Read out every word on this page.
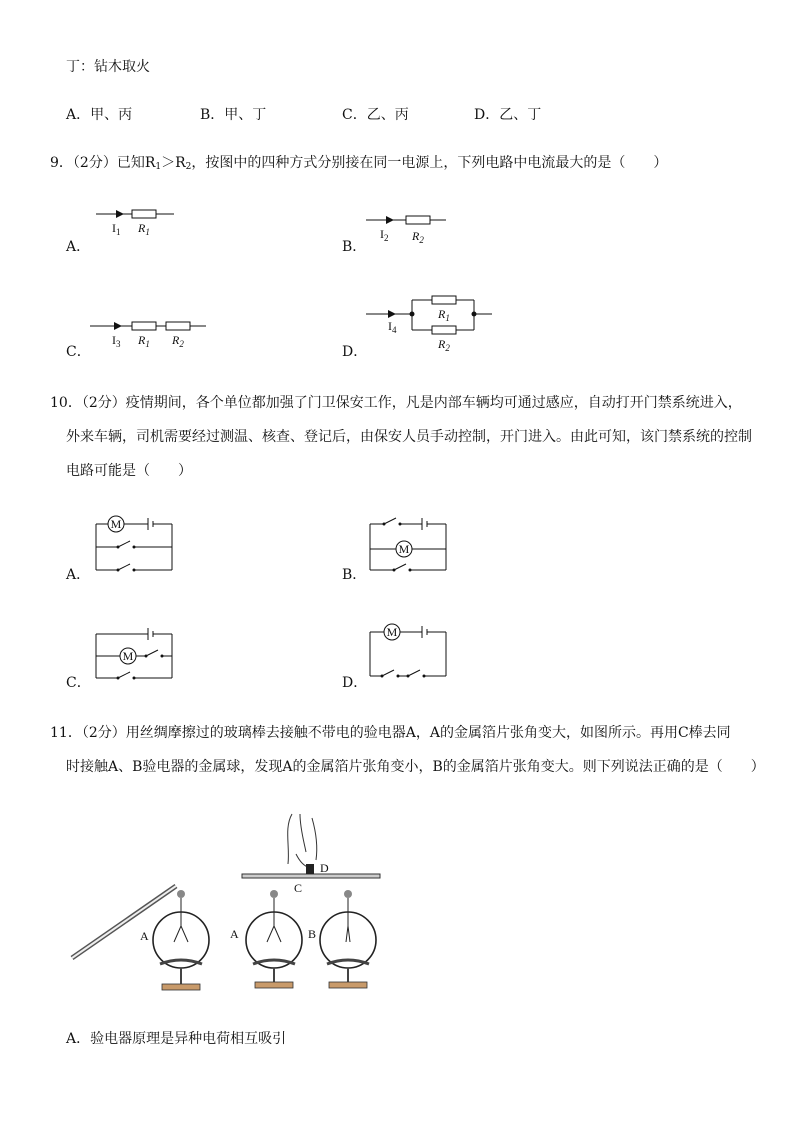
丁：钻木取火
A．甲、丙	B．甲、丁	C．乙、丙	D．乙、丁
9．（2分）已知$R_1>R_2$，按图中的四种方式分别接在同一电源上，下列电路中电流最大的是（　　）
A．	B．
C．	D．
$I_1$ $R_1$	$I_2$ $R_2$
$I_3$ $R_1$ $R_2$
$I_4$
$R_1$
$R_2$
10．（2分）疫情期间，各个单位都加强了门卫保安工作，凡是内部车辆均可通过感应，自动打开门禁系统进入，
外来车辆，司机需要经过测温、核查、登记后，由保安人员手动控制，开门进入。由此可知，该门禁系统的控制
电路可能是（　　）
A．	B．
C．	D．
M
M
M
M
11．（2分）用丝绸摩擦过的玻璃棒去接触不带电的验电器A，A的金属箔片张角变大，如图所示。再用C棒去同
时接触A、B验电器的金属球，发现A的金属箔片张角变小，B的金属箔片张角变大。则下列说法正确的是（　　）
D
C
A	A	B
A．验电器原理是异种电荷相互吸引
